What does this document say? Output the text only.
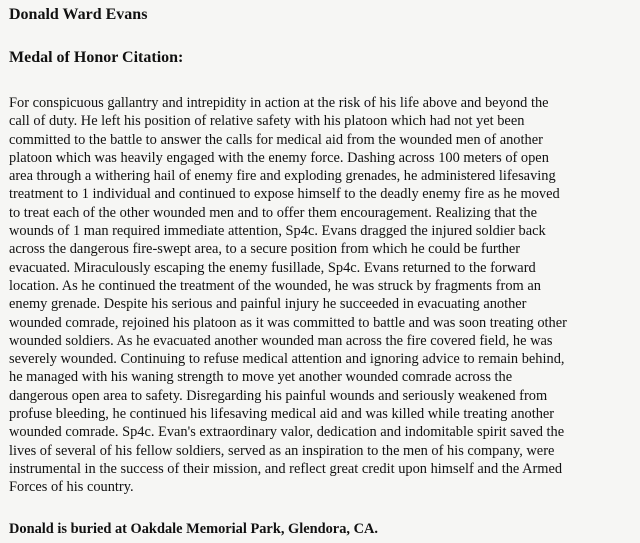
Donald Ward Evans
Medal of Honor Citation:
For conspicuous gallantry and intrepidity in action at the risk of his life above and beyond the
call of duty. He left his position of relative safety with his platoon which had not yet been
committed to the battle to answer the calls for medical aid from the wounded men of another
platoon which was heavily engaged with the enemy force. Dashing across 100 meters of open
area through a withering hail of enemy fire and exploding grenades, he administered lifesaving
treatment to 1 individual and continued to expose himself to the deadly enemy fire as he moved
to treat each of the other wounded men and to offer them encouragement. Realizing that the
wounds of 1 man required immediate attention, Sp4c. Evans dragged the injured soldier back
across the dangerous fire-swept area, to a secure position from which he could be further
evacuated. Miraculously escaping the enemy fusillade, Sp4c. Evans returned to the forward
location. As he continued the treatment of the wounded, he was struck by fragments from an
enemy grenade. Despite his serious and painful injury he succeeded in evacuating another
wounded comrade, rejoined his platoon as it was committed to battle and was soon treating other
wounded soldiers. As he evacuated another wounded man across the fire covered field, he was
severely wounded. Continuing to refuse medical attention and ignoring advice to remain behind,
he managed with his waning strength to move yet another wounded comrade across the
dangerous open area to safety. Disregarding his painful wounds and seriously weakened from
profuse bleeding, he continued his lifesaving medical aid and was killed while treating another
wounded comrade. Sp4c. Evan's extraordinary valor, dedication and indomitable spirit saved the
lives of several of his fellow soldiers, served as an inspiration to the men of his company, were
instrumental in the success of their mission, and reflect great credit upon himself and the Armed
Forces of his country.
Donald is buried at Oakdale Memorial Park, Glendora, CA.
